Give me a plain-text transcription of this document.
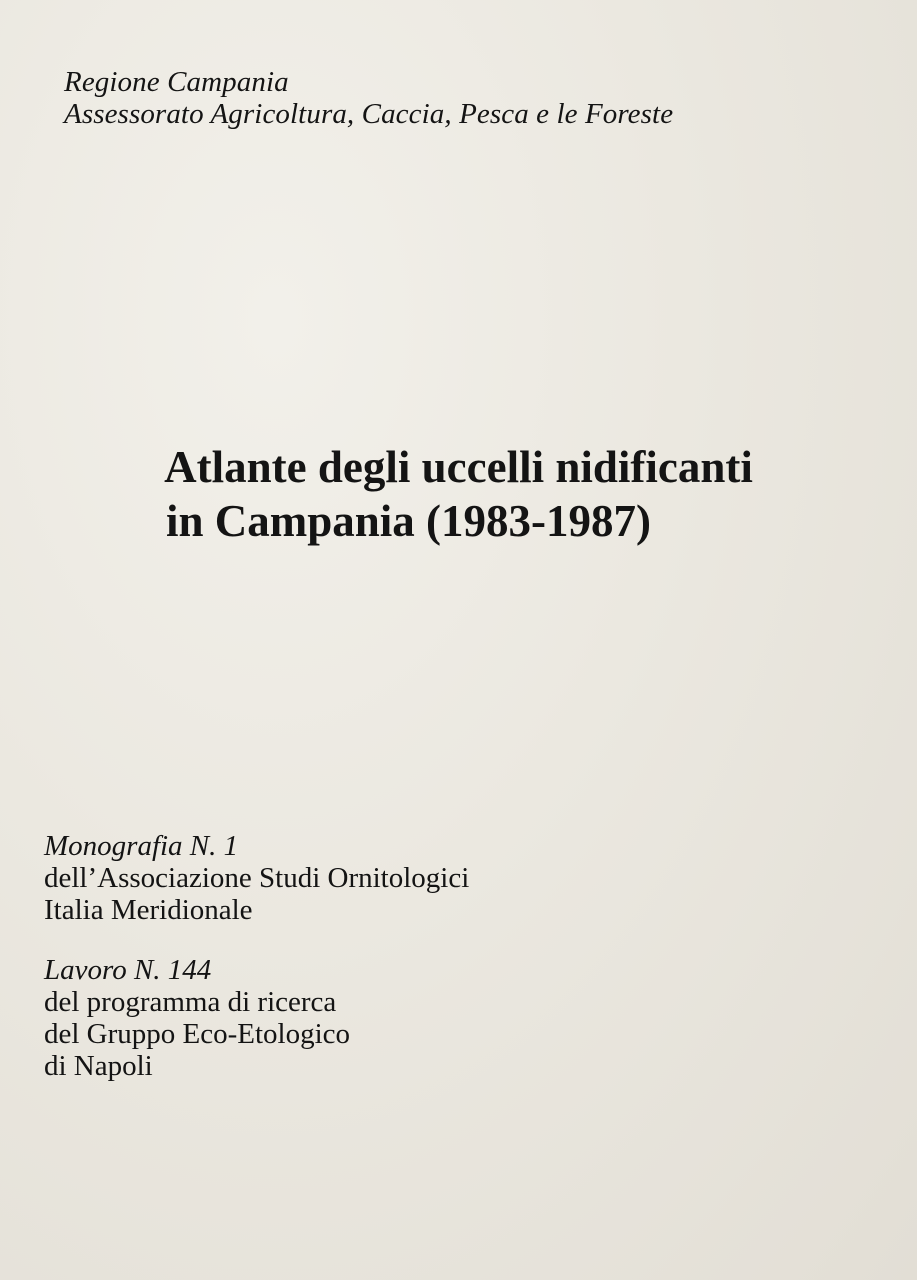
Regione Campania
Assessorato Agricoltura, Caccia, Pesca e le Foreste
Atlante degli uccelli nidificanti
in Campania (1983-1987)
Monografia N. 1
dell’Associazione Studi Ornitologici
Italia Meridionale
Lavoro N. 144
del programma di ricerca
del Gruppo Eco-Etologico
di Napoli
